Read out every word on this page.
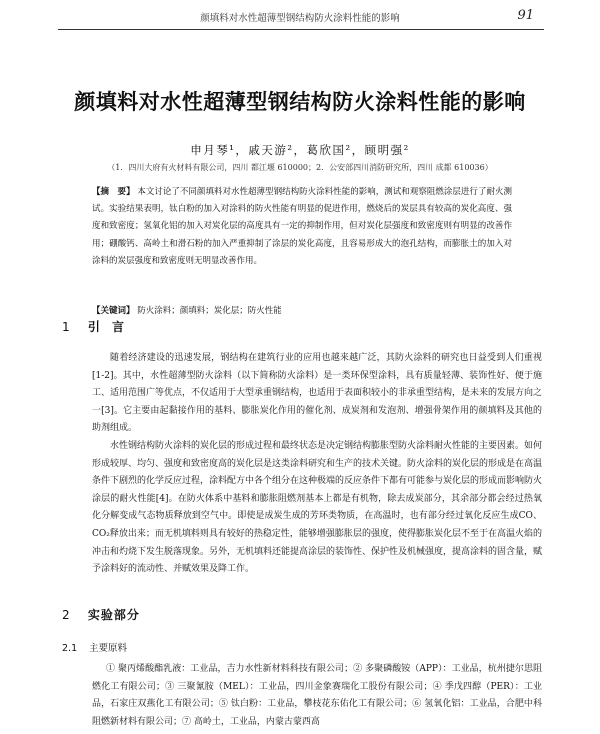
颜填料对水性超薄型钢结构防火涂料性能的影响	91
颜填料对水性超薄型钢结构防火涂料性能的影响
申月琴¹，戚天游²，葛欣国²，顾明强²
（1．四川大府有火材料有限公司，四川 都江堰 610000；2．公安部四川消防研究所，四川 成都 610036）
【摘　要】 本文讨论了不同颜填料对水性超薄型钢结构防火涂料性能的影响，测试和观察阻燃涂层进行了耐火测试。实验结果表明，钛白粉的加入对涂料的防火性能有明显的促进作用，燃烧后的炭层具有较高的炭化高度、强度和致密度；氢氧化铝的加入对炭化层的高度具有一定的抑制作用，但对炭化层强度和致密度则有明显的改善作用；硼酸钙、高岭土和滑石粉的加入严重抑制了涂层的炭化高度，且容易形成大的泡孔结构，而膨胀土的加入对涂料的炭层强度和致密度则无明显改善作用。
【关键词】 防火涂料；颜填料；炭化层；防火性能
1 引 言

随着经济建设的迅速发展，钢结构在建筑行业的应用也越来越广泛，其防火涂料的研究也日益受到人们重视[1-2]。其中，水性超薄型防火涂料（以下简称防火涂料）是一类环保型涂料，具有质量轻薄、装饰性好、便于施工、适用范围广等优点，不仅适用于大型承重钢结构，也适用于表面积较小的非承重型结构，是未来的发展方向之一[3]。它主要由起黏接作用的基料、膨胀炭化作用的催化剂、成炭剂和发泡剂、增强骨架作用的颜填料及其他的助剂组成。

水性钢结构防火涂料的炭化层的形成过程和最终状态是决定钢结构膨胀型防火涂料耐火性能的主要因素。如何形成较厚、均匀、强度和致密度高的炭化层是这类涂料研究和生产的技术关键。防火涂料的炭化层的形成是在高温条件下剧烈的化学反应过程，涂料配方中各个组分在这种极端的反应条件下都有可能参与炭化层的形成而影响防火涂层的耐火性能[4]。在防火体系中基料和膨胀阻燃剂基本上都是有机物，除去成炭部分，其余部分都会经过热氧化分解变成气态物质释放到空气中。即使是成炭生成的芳环类物质，在高温时，也有部分经过氧化反应生成CO、CO₂释放出来；而无机填料则具有较好的热稳定性，能够增强膨胀层的强度，使得膨胀炭化层不至于在高温火焰的冲击和灼烧下发生脱落现象。另外，无机填料还能提高涂层的装饰性、保护性及机械强度，提高涂料的固含量，赋予涂料好的流动性、并赋效果及降工作。

2 实验部分
2.1 主要原料

① 聚丙烯酸酯乳液：工业品，吉力水性新材料科技有限公司；② 多聚磷酸铵（APP）：工业品，杭州捷尔思阻燃化工有限公司；③ 三聚氰胺（MEL）：工业品，四川金象赛瑞化工股份有限公司；④ 季戊四醇（PER）：工业品，石家庄双燕化工有限公司；⑤ 钛白粉：工业品，攀枝花东佑化工有限公司；⑥ 氢氧化铝：工业品，合肥中科阻燃新材料有限公司；⑦ 高岭土，工业品，内蒙古蒙西高
